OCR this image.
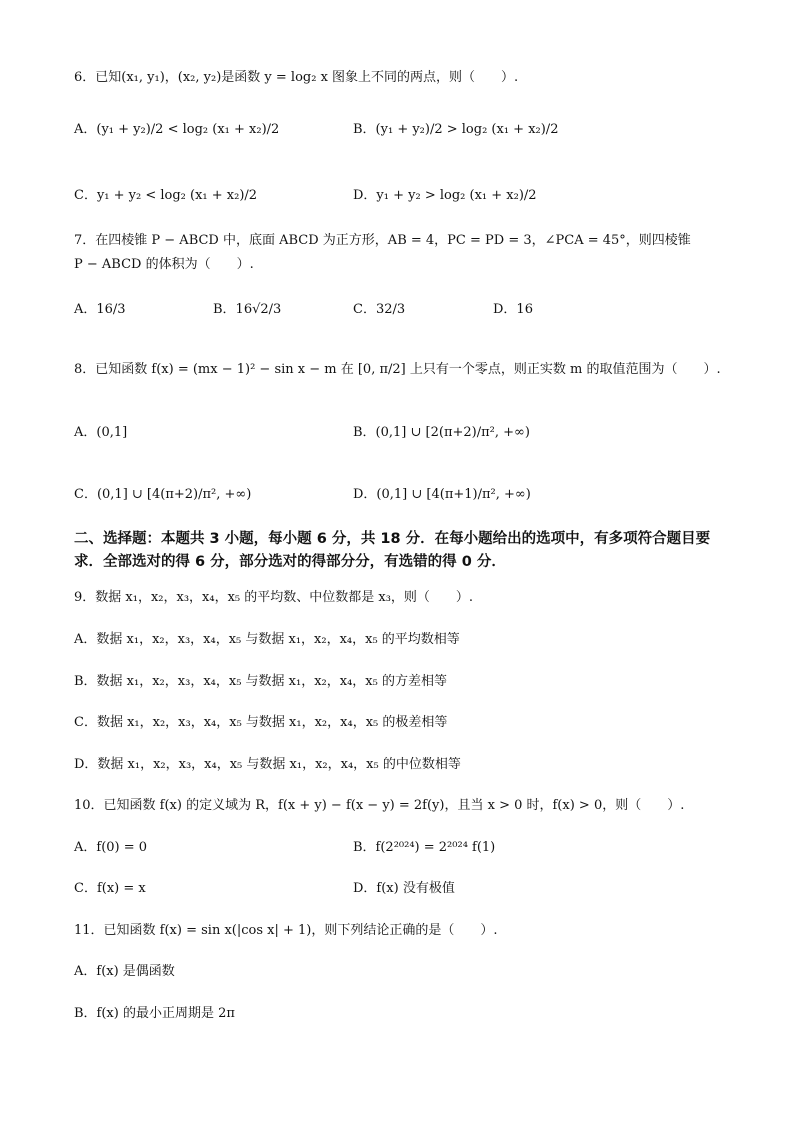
6．已知(x₁, y₁)，(x₂, y₂)是函数 y = log₂ x 图象上不同的两点，则（　　）.
A．(y₁ + y₂)/2 < log₂ (x₁ + x₂)/2	B．(y₁ + y₂)/2 > log₂ (x₁ + x₂)/2
C．y₁ + y₂ < log₂ (x₁ + x₂)/2	D．y₁ + y₂ > log₂ (x₁ + x₂)/2
7．在四棱锥 P − ABCD 中，底面 ABCD 为正方形，AB = 4，PC = PD = 3，∠PCA = 45°，则四棱锥
P − ABCD 的体积为（　　）.
A．16/3	B．16√2/3	C．32/3	D．16
8．已知函数 f(x) = (mx − 1)² − sin x − m 在 [0, π/2] 上只有一个零点，则正实数 m 的取值范围为（　　）.
A．(0,1]	B．(0,1] ∪ [2(π+2)/π², +∞)
C．(0,1] ∪ [4(π+2)/π², +∞)	D．(0,1] ∪ [4(π+1)/π², +∞)
二、选择题：本题共 3 小题，每小题 6 分，共 18 分．在每小题给出的选项中，有多项符合题目要求．全部选对的得 6 分，部分选对的得部分分，有选错的得 0 分．
9．数据 x₁，x₂，x₃，x₄，x₅ 的平均数、中位数都是 x₃，则（　　）.
A．数据 x₁，x₂，x₃，x₄，x₅ 与数据 x₁，x₂，x₄，x₅ 的平均数相等
B．数据 x₁，x₂，x₃，x₄，x₅ 与数据 x₁，x₂，x₄，x₅ 的方差相等
C．数据 x₁，x₂，x₃，x₄，x₅ 与数据 x₁，x₂，x₄，x₅ 的极差相等
D．数据 x₁，x₂，x₃，x₄，x₅ 与数据 x₁，x₂，x₄，x₅ 的中位数相等
10．已知函数 f(x) 的定义域为 R，f(x + y) − f(x − y) = 2f(y)，且当 x > 0 时，f(x) > 0，则（　　）.
A．f(0) = 0	B．f(2²⁰²⁴) = 2²⁰²⁴ f(1)
C．f(x) = x	D．f(x) 没有极值
11．已知函数 f(x) = sin x(|cos x| + 1)，则下列结论正确的是（　　）.
A．f(x) 是偶函数
B．f(x) 的最小正周期是 2π
